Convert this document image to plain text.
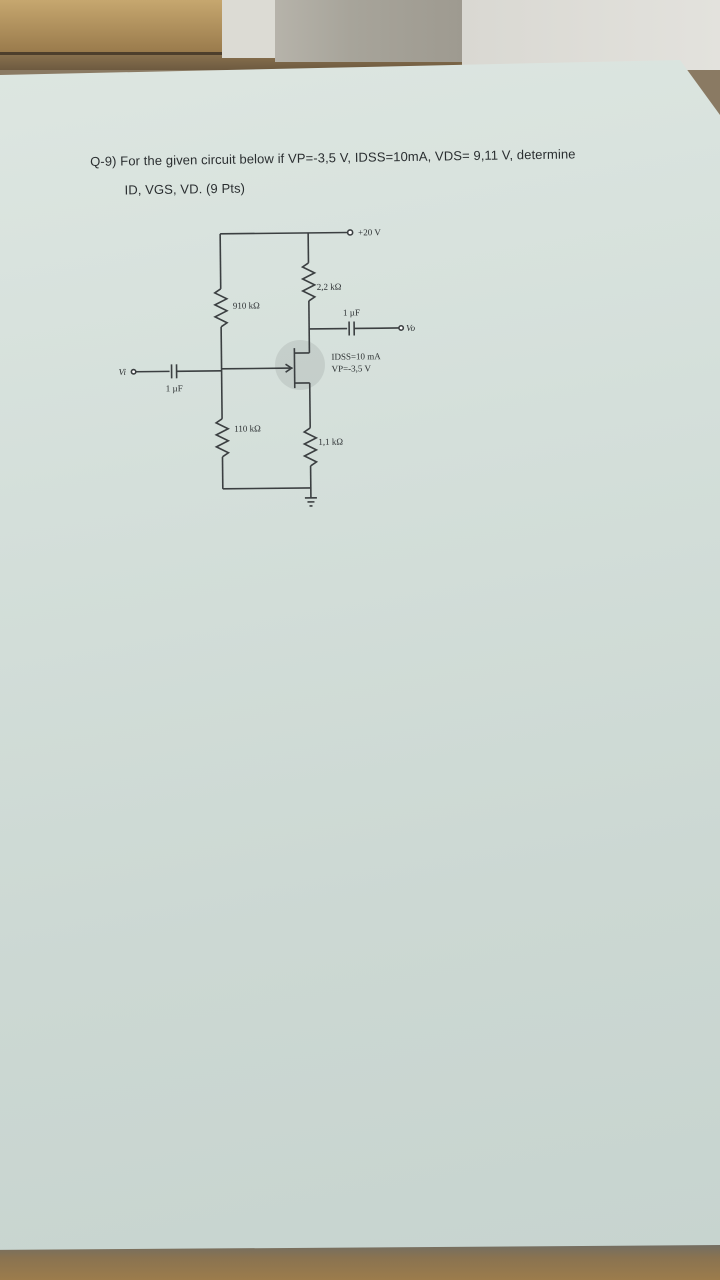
Q-9) For the given circuit below if VP=-3,5 V, IDSS=10mA, VDS= 9,11 V, determine
ID, VGS, VD. (9 Pts)
+20 V
2,2 kΩ
910 kΩ
1 µF
Vo
IDSS=10 mA
VP=-3,5 V
Vi
1 µF
110 kΩ
1,1 kΩ
